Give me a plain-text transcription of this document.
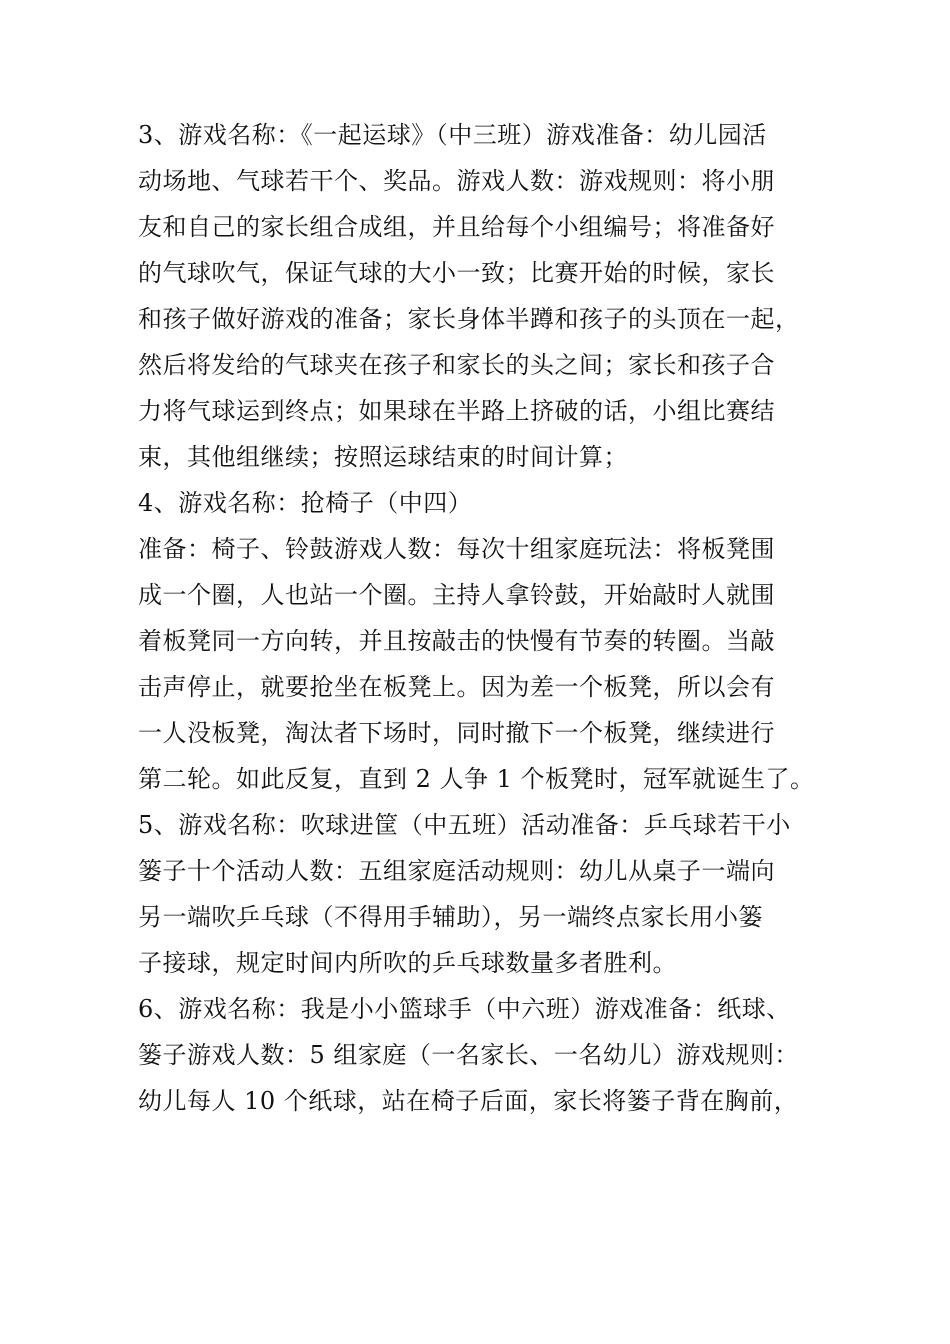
3、游戏名称：《一起运球》（中三班）游戏准备：幼儿园活
动场地、气球若干个、奖品。游戏人数：游戏规则：将小朋
友和自己的家长组合成组，并且给每个小组编号；将准备好
的气球吹气，保证气球的大小一致；比赛开始的时候，家长
和孩子做好游戏的准备；家长身体半蹲和孩子的头顶在一起，
然后将发给的气球夹在孩子和家长的头之间；家长和孩子合
力将气球运到终点；如果球在半路上挤破的话，小组比赛结
束，其他组继续；按照运球结束的时间计算；
4、游戏名称：抢椅子（中四）
准备：椅子、铃鼓游戏人数：每次十组家庭玩法：将板凳围
成一个圈，人也站一个圈。主持人拿铃鼓，开始敲时人就围
着板凳同一方向转，并且按敲击的快慢有节奏的转圈。当敲
击声停止，就要抢坐在板凳上。因为差一个板凳，所以会有
一人没板凳，淘汰者下场时，同时撤下一个板凳，继续进行
第二轮。如此反复，直到 2 人争 1 个板凳时，冠军就诞生了。
5、游戏名称：吹球进筐（中五班）活动准备：乒乓球若干小
篓子十个活动人数：五组家庭活动规则：幼儿从桌子一端向
另一端吹乒乓球（不得用手辅助），另一端终点家长用小篓
子接球，规定时间内所吹的乒乓球数量多者胜利。
6、游戏名称：我是小小篮球手（中六班）游戏准备：纸球、
篓子游戏人数：5 组家庭（一名家长、一名幼儿）游戏规则：
幼儿每人 10 个纸球，站在椅子后面，家长将篓子背在胸前，
